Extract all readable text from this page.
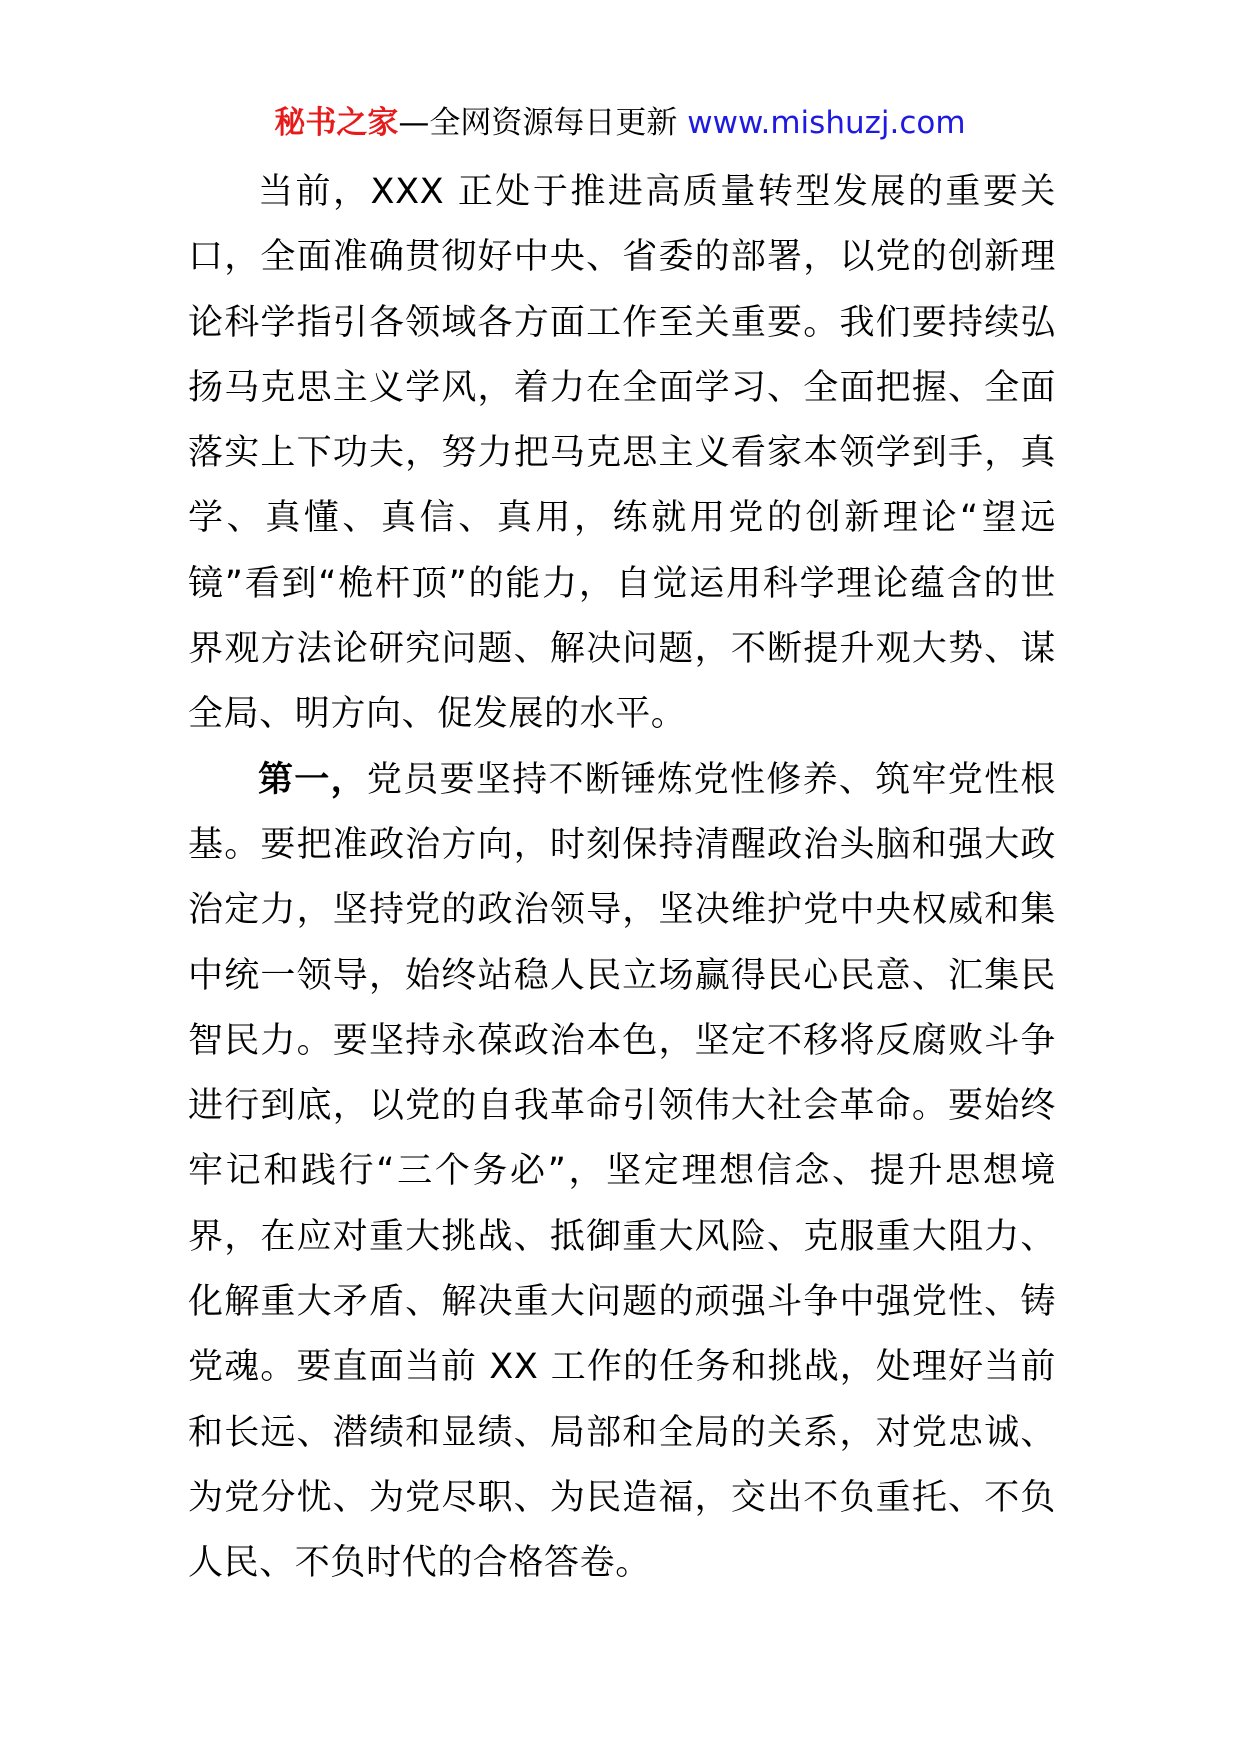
秘书之家—全网资源每日更新 www.mishuzj.com

当前，XXX 正处于推进高质量转型发展的重要关口，全面准确贯彻好中央、省委的部署，以党的创新理论科学指引各领域各方面工作至关重要。我们要持续弘扬马克思主义学风，着力在全面学习、全面把握、全面落实上下功夫，努力把马克思主义看家本领学到手，真学、真懂、真信、真用，练就用党的创新理论“望远镜”看到“桅杆顶”的能力，自觉运用科学理论蕴含的世界观方法论研究问题、解决问题，不断提升观大势、谋全局、明方向、促发展的水平。

第一，党员要坚持不断锤炼党性修养、筑牢党性根基。要把准政治方向，时刻保持清醒政治头脑和强大政治定力，坚持党的政治领导，坚决维护党中央权威和集中统一领导，始终站稳人民立场赢得民心民意、汇集民智民力。要坚持永葆政治本色，坚定不移将反腐败斗争进行到底，以党的自我革命引领伟大社会革命。要始终牢记和践行“三个务必”，坚定理想信念、提升思想境界，在应对重大挑战、抵御重大风险、克服重大阻力、化解重大矛盾、解决重大问题的顽强斗争中强党性、铸党魂。要直面当前 XX 工作的任务和挑战，处理好当前和长远、潜绩和显绩、局部和全局的关系，对党忠诚、为党分忧、为党尽职、为民造福，交出不负重托、不负人民、不负时代的合格答卷。
